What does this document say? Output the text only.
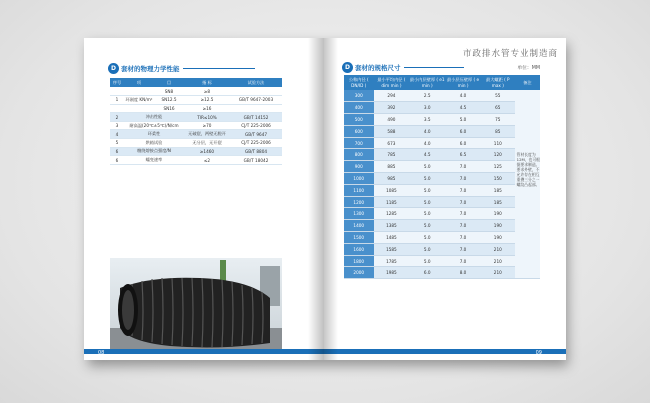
D 套材的物理力学性能
序号	项	目	指 标	试验方法
		SN8	≥8	
1	环刚度 KN/m²	SN12.5	≥12.5	GB/T 9647-2003
		SN16	≥16	
2	冲击性能		TIR≤10%	GB/T 14152
3	耐高温(20℃±5℃)/N/cm		≥70	CJ/T 225-2006
4	环柔性		无破裂，两壁无脱开	GB/T 9647
5	烘箱试验		无分层，无开裂	CJ/T 225-2006
6	缠绕熔接点强度/N		≥1460	GB/T 8804
6	蠕变速率		≤2	GB/T 18042
08
市政排水管专业制造商
D 套材的规格尺寸	单位：MM
公称内径 ( DN/ID )	最小平均内径 ( dim min )	最小内层壁厚 ( e1 min )	最小层压壁厚 ( e min )	最大螺距 ( P max )	备注
300	294	2.5	4.0	55	管材长度为12M，也可根据要求制造。要求外壁，不允许存在相互重叠三分之一螺纹凸起部。
400	392	3.0	4.5	65	
500	490	3.5	5.0	75	
600	588	4.0	6.0	85	
700	673	4.0	6.0	110	
800	785	4.5	6.5	120	
900	885	5.0	7.0	125	
1000	985	5.0	7.0	150	
1100	1085	5.0	7.0	185	
1200	1185	5.0	7.0	185	
1300	1285	5.0	7.0	190	
1400	1385	5.0	7.0	190	
1500	1485	5.0	7.0	190	
1600	1585	5.0	7.0	210	
1800	1785	5.0	7.0	210	
2000	1985	6.0	8.0	210	
09
